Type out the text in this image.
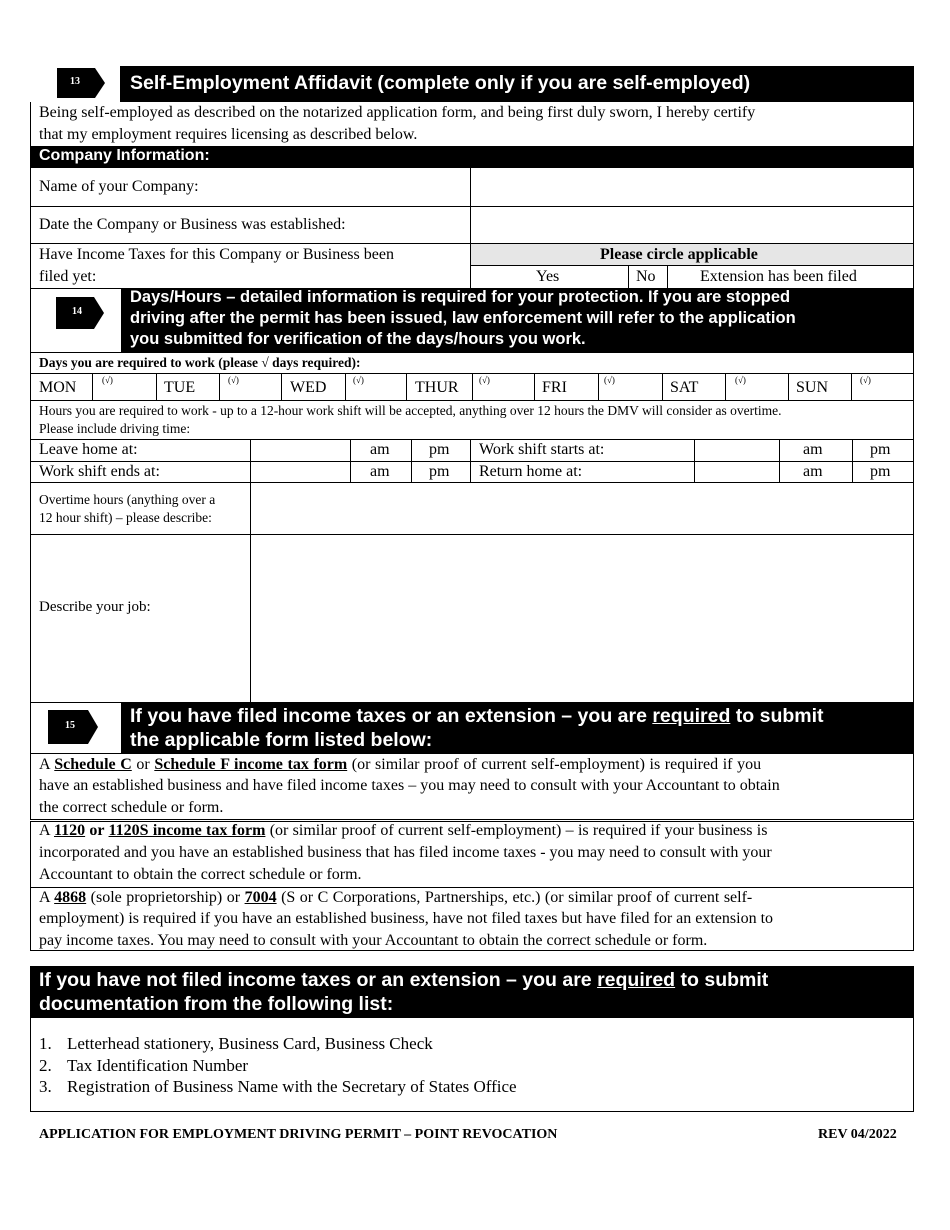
13	Self-Employment Affidavit (complete only if you are self-employed)
Being self-employed as described on the notarized application form, and being first duly sworn, I hereby certify
that my employment requires licensing as described below.
Company Information:
Name of your Company:
Date the Company or Business was established:
Have Income Taxes for this Company or Business been
filed yet:
Please circle applicable
Yes	No	Extension has been filed
14
Days/Hours – detailed information is required for your protection. If you are stopped
driving after the permit has been issued, law enforcement will refer to the application
you submitted for verification of the days/hours you work.
Days you are required to work (please √ days required):
MON	(√)	TUE	(√)	WED	(√)	THUR (√)	FRI	(√)	SAT	(√)	SUN	(√)
Hours you are required to work - up to a 12-hour work shift will be accepted, anything over 12 hours the DMV will consider as overtime.
Please include driving time:
Leave home at:	am pm Work shift starts at:	am	pm
Work shift ends at:	am pm Return home at:	am	pm
Overtime hours (anything over a
12 hour shift) – please describe:
Describe your job:
15	If you have filed income taxes or an extension – you are required to submit
the applicable form listed below:
A Schedule C or Schedule F income tax form (or similar proof of current self-employment) is required if you
have an established business and have filed income taxes – you may need to consult with your Accountant to obtain
the correct schedule or form.
A 1120 or 1120S income tax form (or similar proof of current self-employment) – is required if your business is
incorporated and you have an established business that has filed income taxes - you may need to consult with your
Accountant to obtain the correct schedule or form.
A 4868 (sole proprietorship) or 7004 (S or C Corporations, Partnerships, etc.) (or similar proof of current self-
employment) is required if you have an established business, have not filed taxes but have filed for an extension to
pay income taxes. You may need to consult with your Accountant to obtain the correct schedule or form.
If you have not filed income taxes or an extension – you are required to submit
documentation from the following list:
1. Letterhead stationery, Business Card, Business Check
2. Tax Identification Number
3. Registration of Business Name with the Secretary of States Office
APPLICATION FOR EMPLOYMENT DRIVING PERMIT – POINT REVOCATION	REV 04/2022
